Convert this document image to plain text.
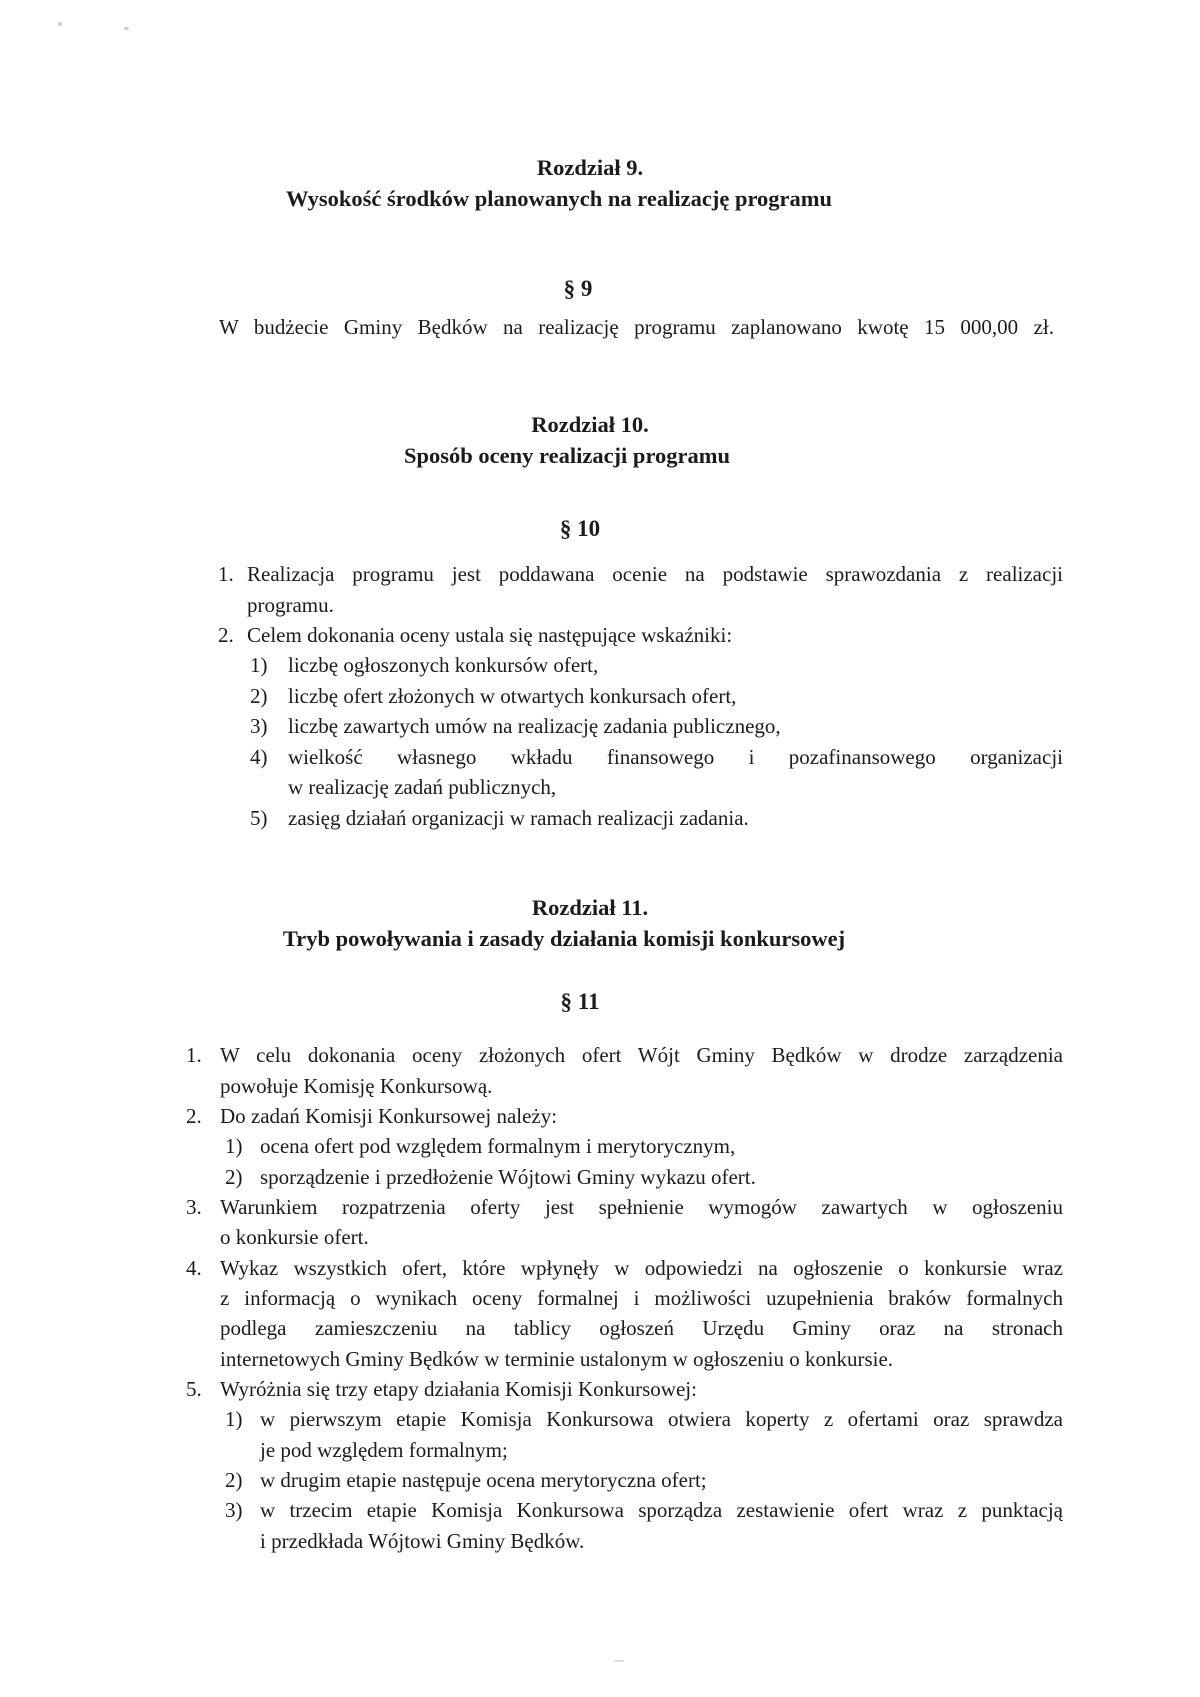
Rozdział 9.
Wysokość środków planowanych na realizację programu
§ 9
W budżecie Gminy Będków na realizację programu zaplanowano kwotę 15 000,00 zł.
Rozdział 10.
Sposób oceny realizacji programu
§ 10
1. Realizacja programu jest poddawana ocenie na podstawie sprawozdania z realizacji
programu.
2. Celem dokonania oceny ustala się następujące wskaźniki:
1) liczbę ogłoszonych konkursów ofert,
2) liczbę ofert złożonych w otwartych konkursach ofert,
3) liczbę zawartych umów na realizację zadania publicznego,
4) wielkość własnego wkładu finansowego i pozafinansowego organizacji
w realizację zadań publicznych,
5) zasięg działań organizacji w ramach realizacji zadania.
Rozdział 11.
Tryb powoływania i zasady działania komisji konkursowej
§ 11
1. W celu dokonania oceny złożonych ofert Wójt Gminy Będków w drodze zarządzenia
powołuje Komisję Konkursową.
2. Do zadań Komisji Konkursowej należy:
1) ocena ofert pod względem formalnym i merytorycznym,
2) sporządzenie i przedłożenie Wójtowi Gminy wykazu ofert.
3. Warunkiem rozpatrzenia oferty jest spełnienie wymogów zawartych w ogłoszeniu
o konkursie ofert.
4. Wykaz wszystkich ofert, które wpłynęły w odpowiedzi na ogłoszenie o konkursie wraz
z informacją o wynikach oceny formalnej i możliwości uzupełnienia braków formalnych
podlega zamieszczeniu na tablicy ogłoszeń Urzędu Gminy oraz na stronach
internetowych Gminy Będków w terminie ustalonym w ogłoszeniu o konkursie.
5. Wyróżnia się trzy etapy działania Komisji Konkursowej:
1) w pierwszym etapie Komisja Konkursowa otwiera koperty z ofertami oraz sprawdza
je pod względem formalnym;
2) w drugim etapie następuje ocena merytoryczna ofert;
3) w trzecim etapie Komisja Konkursowa sporządza zestawienie ofert wraz z punktacją
i przedkłada Wójtowi Gminy Będków.
